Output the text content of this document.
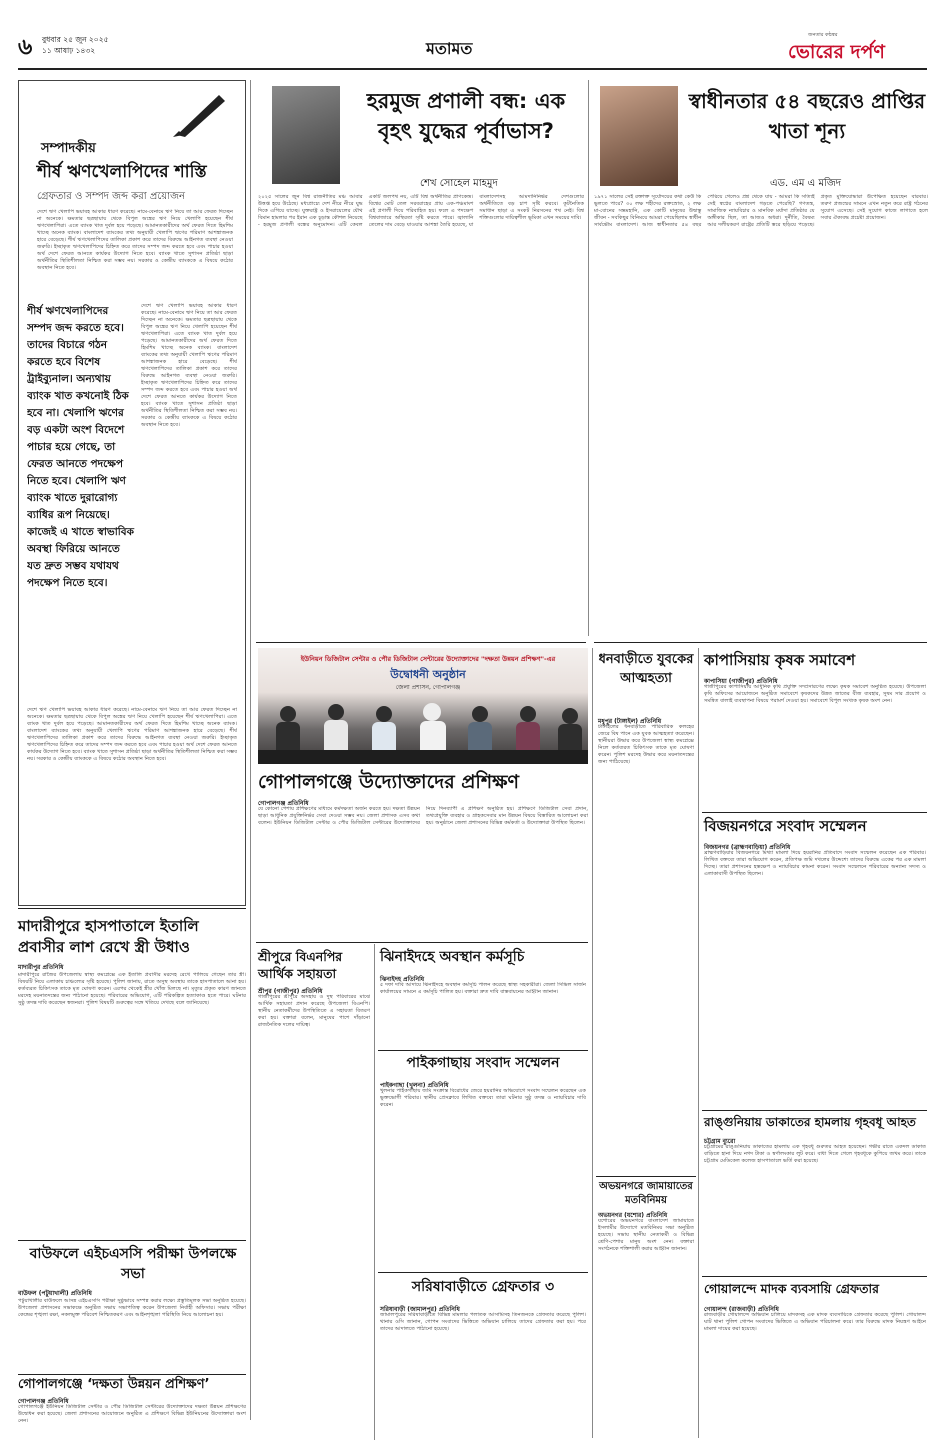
৬ বুধবার ২৫ জুন ২০২৫
১১ আষাঢ় ১৪৩২	মতামত
জনতার কন্ঠস্বর
ভোরের দর্পণ
সম্পাদকীয়
শীর্ষ ঋণখেলাপিদের শাস্তি
গ্রেফতার ও সম্পদ জব্দ করা প্রয়োজন
দেশে ঋণ খেলাপি ভয়াবহ আকার ধারণ করেছে। নামে-বেনামে ঋণ নিয়ে তা আর ফেরত দিচ্ছেন না অনেকে। ক্ষমতার ছত্রছায়ায় থেকে বিপুল অঙ্কের ঋণ নিয়ে খেলাপি হয়েছেন শীর্ষ ঋণখেলাপিরা। এতে ব্যাংক খাত দুর্বল হয়ে পড়েছে। আমানতকারীদের অর্থ ফেরত দিতে হিমশিম খাচ্ছে অনেক ব্যাংক। বাংলাদেশ ব্যাংকের তথ্য অনুযায়ী খেলাপি ঋণের পরিমাণ আশঙ্কাজনক হারে বেড়েছে। শীর্ষ ঋণখেলাপিদের তালিকা প্রকাশ করে তাদের বিরুদ্ধে আইনগত ব্যবস্থা নেওয়া জরুরি। ইচ্ছাকৃত ঋণখেলাপিদের চিহ্নিত করে তাদের সম্পদ জব্দ করতে হবে এবং পাচার হওয়া অর্থ দেশে ফেরত আনতে কার্যকর উদ্যোগ নিতে হবে। ব্যাংক খাতে সুশাসন প্রতিষ্ঠা ছাড়া অর্থনীতির স্থিতিশীলতা নিশ্চিত করা সম্ভব নয়। সরকার ও কেন্দ্রীয় ব্যাংককে এ বিষয়ে কঠোর অবস্থান নিতে হবে।
শীর্ষ ঋণখেলাপিদের সম্পদ জব্দ করতে হবে। তাদের বিচারে গঠন করতে হবে বিশেষ ট্রাইব্যুনাল। অন্যথায় ব্যাংক খাত কখনোই ঠিক হবে না। খেলাপি ঋণের বড় একটা অংশ বিদেশে পাচার হয়ে গেছে, তা ফেরত আনতে পদক্ষেপ নিতে হবে। খেলাপি ঋণ ব্যাংক খাতে দুরারোগ্য ব্যাধির রূপ নিয়েছে। কাজেই এ খাতে স্বাভাবিক অবস্থা ফিরিয়ে আনতে যত দ্রুত সম্ভব যথাযথ পদক্ষেপ নিতে হবে।
দেশে ঋণ খেলাপি ভয়াবহ আকার ধারণ করেছে। নামে-বেনামে ঋণ নিয়ে তা আর ফেরত দিচ্ছেন না অনেকে। ক্ষমতার ছত্রছায়ায় থেকে বিপুল অঙ্কের ঋণ নিয়ে খেলাপি হয়েছেন শীর্ষ ঋণখেলাপিরা। এতে ব্যাংক খাত দুর্বল হয়ে পড়েছে। আমানতকারীদের অর্থ ফেরত দিতে হিমশিম খাচ্ছে অনেক ব্যাংক। বাংলাদেশ ব্যাংকের তথ্য অনুযায়ী খেলাপি ঋণের পরিমাণ আশঙ্কাজনক হারে বেড়েছে। শীর্ষ ঋণখেলাপিদের তালিকা প্রকাশ করে তাদের বিরুদ্ধে আইনগত ব্যবস্থা নেওয়া জরুরি। ইচ্ছাকৃত ঋণখেলাপিদের চিহ্নিত করে তাদের সম্পদ জব্দ করতে হবে এবং পাচার হওয়া অর্থ দেশে ফেরত আনতে কার্যকর উদ্যোগ নিতে হবে। ব্যাংক খাতে সুশাসন প্রতিষ্ঠা ছাড়া অর্থনীতির স্থিতিশীলতা নিশ্চিত করা সম্ভব নয়। সরকার ও কেন্দ্রীয় ব্যাংককে এ বিষয়ে কঠোর অবস্থান নিতে হবে।
দেশে ঋণ খেলাপি ভয়াবহ আকার ধারণ করেছে। নামে-বেনামে ঋণ নিয়ে তা আর ফেরত দিচ্ছেন না অনেকে। ক্ষমতার ছত্রছায়ায় থেকে বিপুল অঙ্কের ঋণ নিয়ে খেলাপি হয়েছেন শীর্ষ ঋণখেলাপিরা। এতে ব্যাংক খাত দুর্বল হয়ে পড়েছে। আমানতকারীদের অর্থ ফেরত দিতে হিমশিম খাচ্ছে অনেক ব্যাংক। বাংলাদেশ ব্যাংকের তথ্য অনুযায়ী খেলাপি ঋণের পরিমাণ আশঙ্কাজনক হারে বেড়েছে। শীর্ষ ঋণখেলাপিদের তালিকা প্রকাশ করে তাদের বিরুদ্ধে আইনগত ব্যবস্থা নেওয়া জরুরি। ইচ্ছাকৃত ঋণখেলাপিদের চিহ্নিত করে তাদের সম্পদ জব্দ করতে হবে এবং পাচার হওয়া অর্থ দেশে ফেরত আনতে কার্যকর উদ্যোগ নিতে হবে। ব্যাংক খাতে সুশাসন প্রতিষ্ঠা ছাড়া অর্থনীতির স্থিতিশীলতা নিশ্চিত করা সম্ভব নয়। সরকার ও কেন্দ্রীয় ব্যাংককে এ বিষয়ে কঠোর অবস্থান নিতে হবে।
হরমুজ প্রণালী বন্ধ: এক বৃহৎ যুদ্ধের পূর্বাভাস?
শেখ সোহেল মাহমুদ
২০২৫ সালের জুন বিশ্ব রাজনীতির মঞ্চ আবার উত্তপ্ত হয়ে উঠেছে। মধ্যপ্রাচ্যে দেশ নীরে নীরে যুদ্ধ দিকে এগিয়ে যাচ্ছে। যুক্তরাষ্ট্র ও ইসরায়েলের যৌথ বিমান হামলার পর ইরান এক চূড়ান্ত কৌশল নিয়েছে - হরমুজ প্রণালী বন্ধের অনুমোদন। এটি কেবল একটি জলপথ নয়, এটি বিশ্ব অর্থনীতির প্রাণকেন্দ্র। বিশ্বের মোট তেল সরবরাহের প্রায় এক-পঞ্চমাংশ এই প্রণালী দিয়ে পরিবাহিত হয়। ফলে এ পদক্ষেপ বিশ্ববাজারে অস্থিরতা সৃষ্টি করতে পারে। জ্বালানি তেলের দাম বেড়ে যাওয়ার আশঙ্কা তৈরি হয়েছে, যা বাংলাদেশসহ আমদানিনির্ভর দেশগুলোর অর্থনীতিতে বড় চাপ সৃষ্টি করবে। কূটনৈতিক সমাধান ছাড়া এ সংকট নিরসনের পথ নেই। বিশ্ব শক্তিগুলোর দায়িত্বশীল ভূমিকা এখন সময়ের দাবি।
স্বাধীনতার ৫৪ বছরেও প্রাপ্তির খাতা শূন্য
এড. এম এ মজিদ
১৯৭১ সালের সেই রক্তাক্ত সূর্যোদয়ের কথা কেউ কি ভুলতে পারে? ৩০ লক্ষ শহীদের রক্তস্রোত, ২ লক্ষ মা-বোনের সম্ভ্রমহানি, এক কোটি মানুষের উদ্বাস্তু জীবন - সবকিছুর বিনিময়ে আমরা পেয়েছিলাম স্বাধীন সার্বভৌম বাংলাদেশ। আজ স্বাধীনতার ৫৪ বছর পেরিয়ে গেলেও প্রশ্ন থেকে যায় - আমরা কি সত্যিই সেই স্বপ্নের বাংলাদেশ গড়তে পেরেছি? গণতন্ত্র, সামাজিক ন্যায়বিচার ও মানবিক মর্যাদা প্রতিষ্ঠার যে অঙ্গীকার ছিল, তা আজও অধরা। দুর্নীতি, বৈষম্য আর দলীয়করণ রাষ্ট্রের প্রতিটি স্তরে ছড়িয়ে পড়েছে। প্রকৃত মুক্তিযোদ্ধারা উপেক্ষিত হয়েছেন বারবার। তরুণ প্রজন্মের সামনে এখন নতুন করে রাষ্ট্র গঠনের সুযোগ এসেছে। সেই সুযোগ কাজে লাগাতে হলে সবার ঐক্যবদ্ধ প্রচেষ্টা প্রয়োজন।
মাদারীপুরে হাসপাতালে ইতালি প্রবাসীর লাশ রেখে স্ত্রী উধাও
মাদারীপুর প্রতিনিধি
মাদারীপুরে রাজৈর উপজেলায় স্বাস্থ্য কমপ্লেক্সে এক ইতালি প্রবাসীর মরদেহ রেখে পালিয়ে গেছেন তার স্ত্রী। বিষয়টি নিয়ে এলাকায় চাঞ্চল্যের সৃষ্টি হয়েছে। পুলিশ জানায়, রাতে অসুস্থ অবস্থায় তাকে হাসপাতালে আনা হয়। কর্তব্যরত চিকিৎসক তাকে মৃত ঘোষণা করেন। এরপর থেকেই স্ত্রীর খোঁজ মিলছে না। মৃত্যুর প্রকৃত কারণ জানতে মরদেহ ময়নাতদন্তের জন্য পাঠানো হয়েছে। পরিবারের অভিযোগ, এটি পরিকল্পিত হত্যাকাণ্ড হতে পারে। ঘটনার সুষ্ঠু তদন্ত দাবি করেছেন স্বজনরা। পুলিশ বিষয়টি গুরুত্বের সঙ্গে খতিয়ে দেখছে বলে জানিয়েছে।
বাউফলে এইচএসসি পরীক্ষা উপলক্ষে সভা
বাউফল (পটুয়াখালী) প্রতিনিধি
পটুয়াখালীর বাউফলে আসন্ন এইচএসসি পরীক্ষা সুষ্ঠুভাবে সম্পন্ন করার লক্ষ্যে প্রস্তুতিমূলক সভা অনুষ্ঠিত হয়েছে। উপজেলা প্রশাসনের সভাকক্ষে অনুষ্ঠিত সভায় সভাপতিত্ব করেন উপজেলা নির্বাহী অফিসার। সভায় পরীক্ষা কেন্দ্রের শৃঙ্খলা রক্ষা, নকলমুক্ত পরিবেশ নিশ্চিতকরণ এবং আইনশৃঙ্খলা পরিস্থিতি নিয়ে আলোচনা হয়।
গোপালগঞ্জে ‘দক্ষতা উন্নয়ন প্রশিক্ষণ’
গোপালগঞ্জ প্রতিনিধি
গোপালগঞ্জে ইউনিয়ন ডিজিটাল সেন্টার ও পৌর ডিজিটাল সেন্টারের উদ্যোক্তাদের দক্ষতা উন্নয়ন প্রশিক্ষণের উদ্বোধন করা হয়েছে। জেলা প্রশাসনের আয়োজনে অনুষ্ঠিত এ প্রশিক্ষণে বিভিন্ন ইউনিয়নের উদ্যোক্তারা অংশ নেন।
ইউনিয়ন ডিজিটাল সেন্টার ও পৌর ডিজিটাল সেন্টারের উদ্যোক্তাদের "দক্ষতা উন্নয়ন প্রশিক্ষণ"-এর
উদ্বোধনী অনুষ্ঠান
জেলা প্রশাসন, গোপালগঞ্জ
গোপালগঞ্জে উদ্যোক্তাদের প্রশিক্ষণ
গোপালগঞ্জ প্রতিনিধি
যে কোনো পেশায় প্রশিক্ষণের মাধ্যমে কর্মদক্ষতা অর্জন করতে হয়। দক্ষতা উন্নয়ন ছাড়া আধুনিক প্রযুক্তিনির্ভর সেবা দেওয়া সম্ভব নয়। জেলা প্রশাসক এসব কথা বলেন। ইউনিয়ন ডিজিটাল সেন্টার ও পৌর ডিজিটাল সেন্টারের উদ্যোক্তাদের নিয়ে দিনব্যাপী এ প্রশিক্ষণ অনুষ্ঠিত হয়। প্রশিক্ষণে ডিজিটাল সেবা প্রদান, তথ্যপ্রযুক্তি ব্যবহার ও গ্রাহকসেবার মান উন্নয়ন বিষয়ে বিস্তারিত আলোচনা করা হয়। অনুষ্ঠানে জেলা প্রশাসনের বিভিন্ন কর্মকর্তা ও উদ্যোক্তারা উপস্থিত ছিলেন।
শ্রীপুরে বিএনপির আর্থিক সহায়তা
শ্রীপুর (গাজীপুর) প্রতিনিধি
গাজীপুরের শ্রীপুরে অসহায় ও দুস্থ পরিবারের মাঝে আর্থিক সহায়তা প্রদান করেছে উপজেলা বিএনপি। স্থানীয় নেতাকর্মীদের উপস্থিতিতে এ সহায়তা বিতরণ করা হয়। বক্তারা বলেন, মানুষের পাশে দাঁড়ানো রাজনৈতিক দলের দায়িত্ব।
ঝিনাইদহে অবস্থান কর্মসূচি
ঝিনাইদহ প্রতিনিধি
৫ দফা দাবি আদায়ে ঝিনাইদহে অবস্থান কর্মসূচি পালন করেছে স্বাস্থ্য সহকারীরা। জেলা সিভিল সার্জন কার্যালয়ের সামনে এ কর্মসূচি পালিত হয়। বক্তারা দ্রুত দাবি বাস্তবায়নের আহ্বান জানান।
পাইকগাছায় সংবাদ সম্মেলন
পাইকগাছা (খুলনা) প্রতিনিধি
খুলনার পাইকগাছায় জমি সংক্রান্ত বিরোধের জেরে হয়রানির অভিযোগে সংবাদ সম্মেলন করেছেন এক ভুক্তভোগী পরিবার। স্থানীয় প্রেসক্লাবে লিখিত বক্তব্যে তারা ঘটনার সুষ্ঠু তদন্ত ও ন্যায়বিচার দাবি করেন।
সরিষাবাড়ীতে গ্রেফতার ৩
সরিষাবাড়ী (জামালপুর) প্রতিনিধি
জামালপুরের সরিষাবাড়ীতে বিভিন্ন মামলার পলাতক আসামিসহ তিনজনকে গ্রেফতার করেছে পুলিশ। থানার ওসি জানান, গোপন সংবাদের ভিত্তিতে অভিযান চালিয়ে তাদের গ্রেফতার করা হয়। পরে তাদের আদালতে পাঠানো হয়েছে।
ধনবাড়ীতে যুবকের আত্মহত্যা
মধুপুর (টাঙ্গাইল) প্রতিনিধি
টাঙ্গাইলের ধনবাড়ীতে পারিবারিক কলহের জেরে বিষ পানে এক যুবক আত্মহত্যা করেছেন। স্থানীয়রা উদ্ধার করে উপজেলা স্বাস্থ্য কমপ্লেক্সে নিলে কর্তব্যরত চিকিৎসক তাকে মৃত ঘোষণা করেন। পুলিশ মরদেহ উদ্ধার করে ময়নাতদন্তের জন্য পাঠিয়েছে।
অভয়নগরে জামায়াতের মতবিনিময়
অভয়নগর (যশোর) প্রতিনিধি
যশোরের অভয়নগরে বাংলাদেশ জামায়াতে ইসলামীর উদ্যোগে মতবিনিময় সভা অনুষ্ঠিত হয়েছে। সভায় স্থানীয় নেতাকর্মী ও বিভিন্ন শ্রেণি-পেশার মানুষ অংশ নেন। বক্তারা সংগঠনকে শক্তিশালী করার আহ্বান জানান।
কাপাসিয়ায় কৃষক সমাবেশ
কাপাসিয়া (গাজীপুর) প্রতিনিধি
গাজীপুরের কাপাসিয়ায় আধুনিক কৃষি প্রযুক্তি সম্প্রসারণের লক্ষ্যে কৃষক সমাবেশ অনুষ্ঠিত হয়েছে। উপজেলা কৃষি অফিসের আয়োজনে অনুষ্ঠিত সমাবেশে কৃষকদের উন্নত জাতের বীজ ব্যবহার, সুষম সার প্রয়োগ ও সমন্বিত বালাই ব্যবস্থাপনা বিষয়ে পরামর্শ দেওয়া হয়। সমাবেশে বিপুল সংখ্যক কৃষক অংশ নেন।
বিজয়নগরে সংবাদ সম্মেলন
বিজয়নগর (ব্রাহ্মণবাড়িয়া) প্রতিনিধি
ব্রাহ্মণবাড়িয়ার বিজয়নগরে মিথ্যা মামলা দিয়ে হয়রানির প্রতিবাদে সংবাদ সম্মেলন করেছেন এক পরিবার। লিখিত বক্তব্যে তারা অভিযোগ করেন, প্রতিপক্ষ জমি দখলের উদ্দেশ্যে তাদের বিরুদ্ধে একের পর এক মামলা দিচ্ছে। তারা প্রশাসনের হস্তক্ষেপ ও ন্যায়বিচার কামনা করেন। সংবাদ সম্মেলনে পরিবারের অন্যান্য সদস্য ও এলাকাবাসী উপস্থিত ছিলেন।
রাঙ্গুনিয়ায় ডাকাতের হামলায় গৃহবধূ আহত
চট্টগ্রাম ব্যুরো
চট্টগ্রামের রাঙ্গুনিয়ায় ডাকাতের হামলায় এক গৃহবধূ গুরুতর আহত হয়েছেন। গভীর রাতে একদল ডাকাত বাড়িতে হানা দিয়ে নগদ টাকা ও স্বর্ণালংকার লুট করে। বাধা দিতে গেলে গৃহবধূকে কুপিয়ে জখম করে। তাকে চট্টগ্রাম মেডিকেল কলেজ হাসপাতালে ভর্তি করা হয়েছে।
গোয়ালন্দে মাদক ব্যবসায়ি গ্রেফতার
গোয়ালন্দ (রাজবাড়ী) প্রতিনিধি
রাজবাড়ীর গোয়ালন্দে অভিযান চালিয়ে মাদকসহ এক মাদক ব্যবসায়িকে গ্রেফতার করেছে পুলিশ। গোয়ালন্দ ঘাট থানা পুলিশ গোপন সংবাদের ভিত্তিতে এ অভিযান পরিচালনা করে। তার বিরুদ্ধে মাদক নিয়ন্ত্রণ আইনে মামলা দায়ের করা হয়েছে।
